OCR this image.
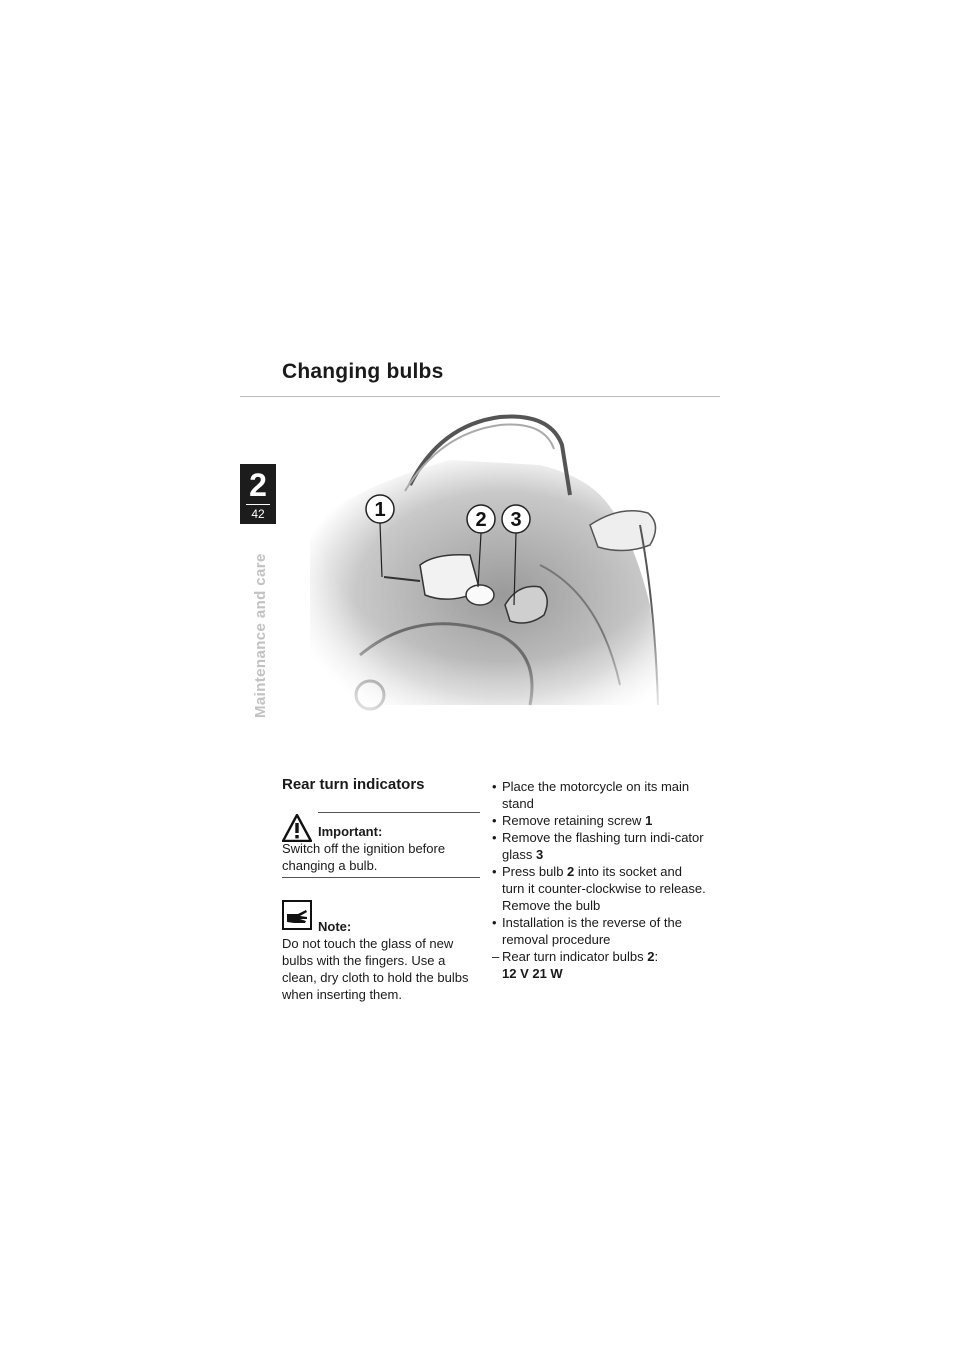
Changing bulbs
2
42
Maintenance and care
1	2 3
Rear turn indicators
Important:
Switch off the ignition before changing a bulb.
Note:
Do not touch the glass of new bulbs with the fingers. Use a clean, dry cloth to hold the bulbs when inserting them.
• Place the motorcycle on its main stand
• Remove retaining screw 1
• Remove the flashing turn indi-cator glass 3
• Press bulb 2 into its socket and turn it counter-clockwise to release.
Remove the bulb
• Installation is the reverse of the removal procedure
– Rear turn indicator bulbs 2:
12 V 21 W
